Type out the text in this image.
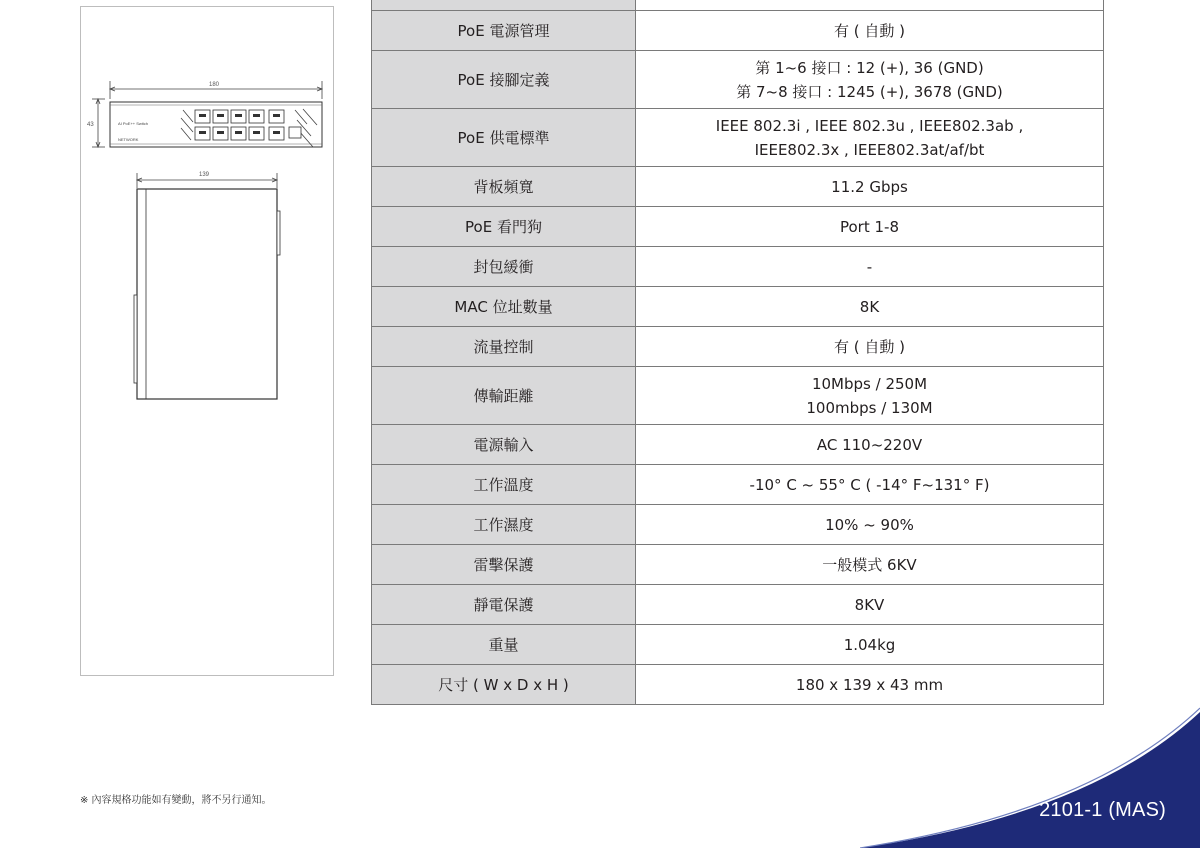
180
43	AI PoE++ Switch
NETWORK
139

PoE 電源管理	有 ( 自動 )

PoE 接腳定義	第 1~6 接口 : 12 (+), 36 (GND)
第 7~8 接口 : 1245 (+), 3678 (GND)

PoE 供電標準	IEEE 802.3i , IEEE 802.3u , IEEE802.3ab ,
IEEE802.3x , IEEE802.3at/af/bt

背板頻寬	11.2 Gbps

PoE 看門狗	Port 1-8

封包緩衝	-

MAC 位址數量	8K

流量控制	有 ( 自動 )

傳輸距離	10Mbps / 250M
100mbps / 130M

電源輸入	AC 110~220V

工作溫度	-10° C ~ 55° C ( -14° F~131° F)

工作濕度	10% ~ 90%

雷擊保護	一般模式 6KV

靜電保護	8KV

重量	1.04kg

尺寸 ( W x D x H )	180 x 139 x 43 mm
※ 內容規格功能如有變動，將不另行通知。	2101-1 (MAS)
